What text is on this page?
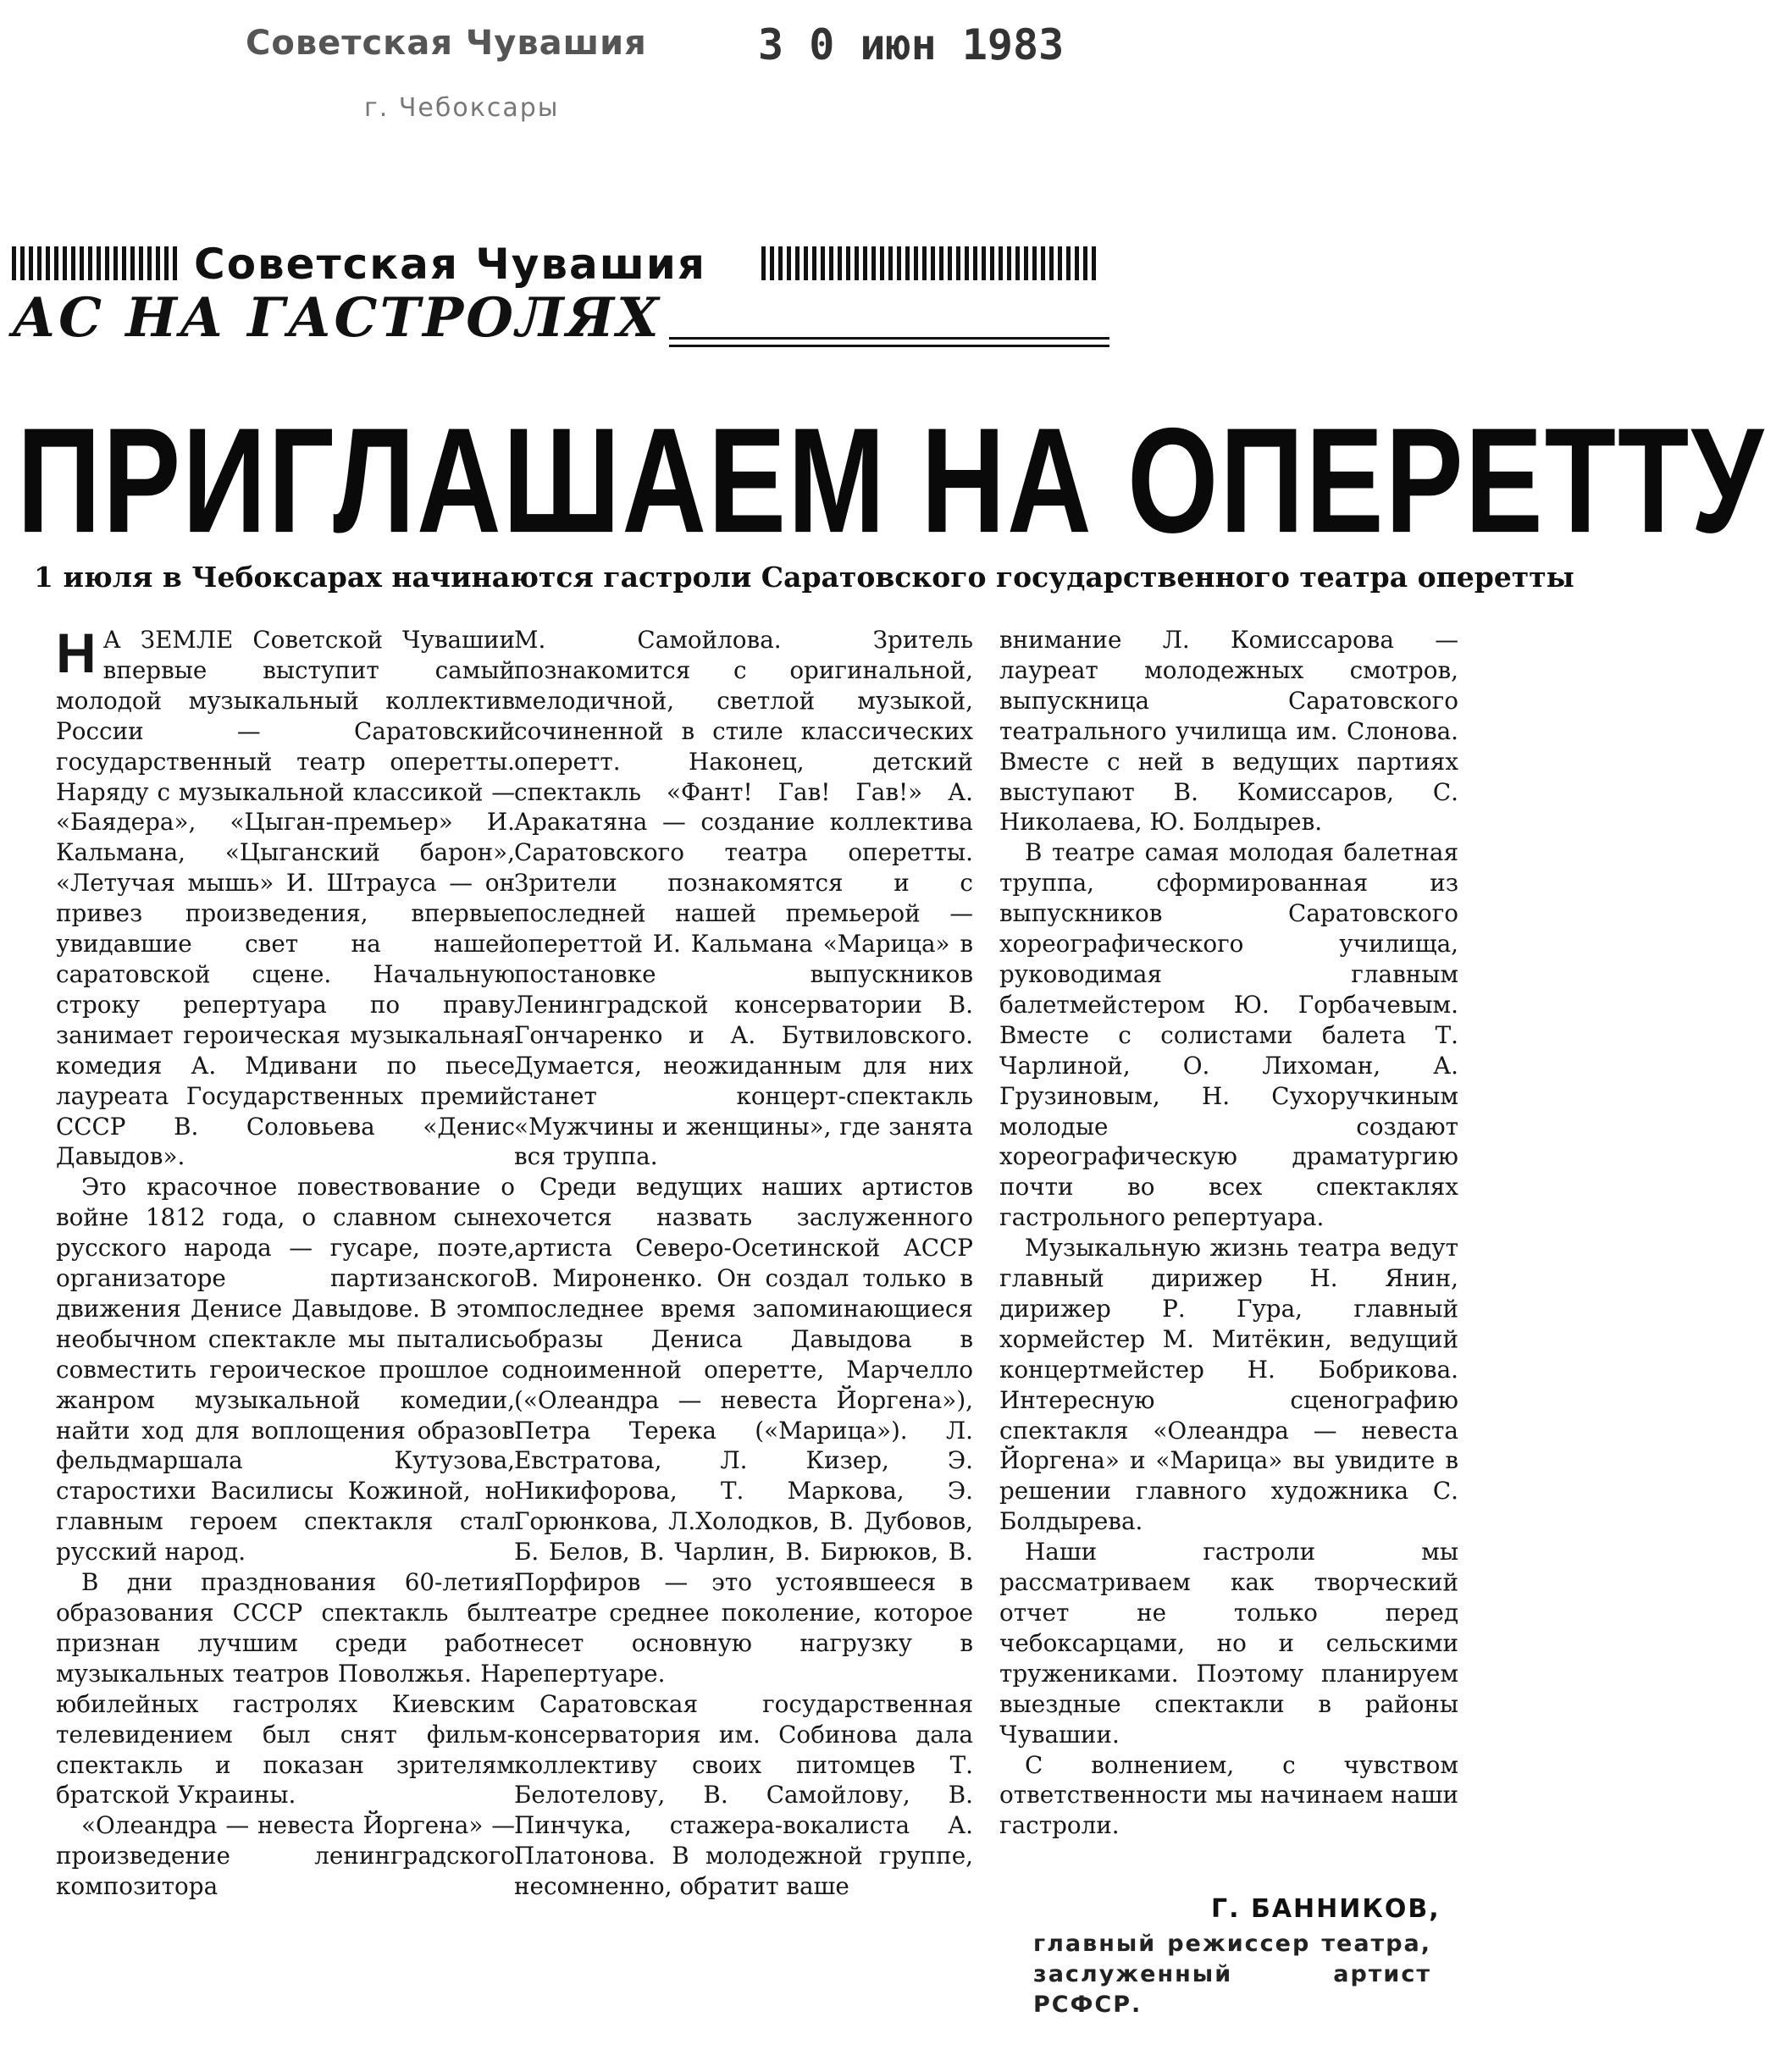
Советская Чувашия
г. Чебоксары
3 0 июн 1983
Советская Чувашия
АС НА ГАСТРОЛЯХ
ПРИГЛАШАЕМ НА ОПЕРЕТТУ
1 июля в Чебоксарах начинаются гастроли Саратовского государственного театра оперетты

Н А ЗЕМЛЕ Советской Чувашии впервые выступит самый молодой музыкальный коллектив России — Саратовский государственный театр оперетты. Наряду с музыкальной классикой — «Баядера», «Цыган-премьер» И. Кальмана, «Цыганский барон», «Летучая мышь» И. Штрауса — он привез произведения, впервые увидавшие свет на нашей саратовской сцене. Начальную строку репертуара по праву занимает героическая музыкальная комедия А. Мдивани по пьесе лауреата Государственных премий СССР В. Соловьева «Денис Давыдов».

Это красочное повествование о войне 1812 года, о славном сыне русского народа — гусаре, поэте, организаторе партизанского движения Денисе Давыдове. В этом необычном спектакле мы пытались совместить героическое прошлое с жанром музыкальной комедии, найти ход для воплощения образов фельдмаршала Кутузова, старостихи Василисы Кожиной, но главным героем спектакля стал русский народ.

В дни празднования 60-летия образования СССР спектакль был признан лучшим среди работ музыкальных театров Поволжья. На юбилейных гастролях Киевским телевидением был снят фильм-спектакль и показан зрителям братской Украины.

«Олеандра — невеста Йоргена» — произведение ленинградского композитора

М. Самойлова. Зритель познакомится с оригинальной, мелодичной, светлой музыкой, сочиненной в стиле классических оперетт. Наконец, детский спектакль «Фант! Гав! Гав!» А. Аракатяна — создание коллектива Саратовского театра оперетты. Зрители познакомятся и с последней нашей премьерой — опереттой И. Кальмана «Марица» в постановке выпускников Ленинградской консерватории В. Гончаренко и А. Бутвиловского. Думается, неожиданным для них станет концерт-спектакль «Мужчины и женщины», где занята вся труппа.

Среди ведущих наших артистов хочется назвать заслуженного артиста Северо-Осетинской АССР В. Мироненко. Он создал только в последнее время запоминающиеся образы Дениса Давыдова в одноименной оперетте, Марчелло («Олеандра — невеста Йоргена»), Петра Терека («Марица»). Л. Евстратова, Л. Кизер, Э. Никифорова, Т. Маркова, Э. Горюнкова, Л.Холодков, В. Дубовов, Б. Белов, В. Чарлин, В. Бирюков, В. Порфиров — это устоявшееся в театре среднее поколение, которое несет основную нагрузку в репертуаре.

Саратовская государственная консерватория им. Собинова дала коллективу своих питомцев Т. Белотелову, В. Самойлову, В. Пинчука, стажера-вокалиста А. Платонова. В молодежной группе, несомненно, обратит ваше

внимание Л. Комиссарова — лауреат молодежных смотров, выпускница Саратовского театрального училища им. Слонова. Вместе с ней в ведущих партиях выступают В. Комиссаров, С. Николаева, Ю. Болдырев.

В театре самая молодая балетная труппа, сформированная из выпускников Саратовского хореографического училища, руководимая главным балетмейстером Ю. Горбачевым. Вместе с солистами балета Т. Чарлиной, О. Лихоман, А. Грузиновым, Н. Сухоручкиным молодые создают хореографическую драматургию почти во всех спектаклях гастрольного репертуара.

Музыкальную жизнь театра ведут главный дирижер Н. Янин, дирижер Р. Гура, главный хормейстер М. Митёкин, ведущий концертмейстер Н. Бобрикова. Интересную сценографию спектакля «Олеандра — невеста Йоргена» и «Марица» вы увидите в решении главного художника С. Болдырева.

Наши гастроли мы рассматриваем как творческий отчет не только перед чебоксарцами, но и сельскими тружениками. Поэтому планируем выездные спектакли в районы Чувашии.

С волнением, с чувством ответственности мы начинаем наши гастроли.

Г. БАННИКОВ,
главный режиссер театра, заслуженный артист РСФСР.
